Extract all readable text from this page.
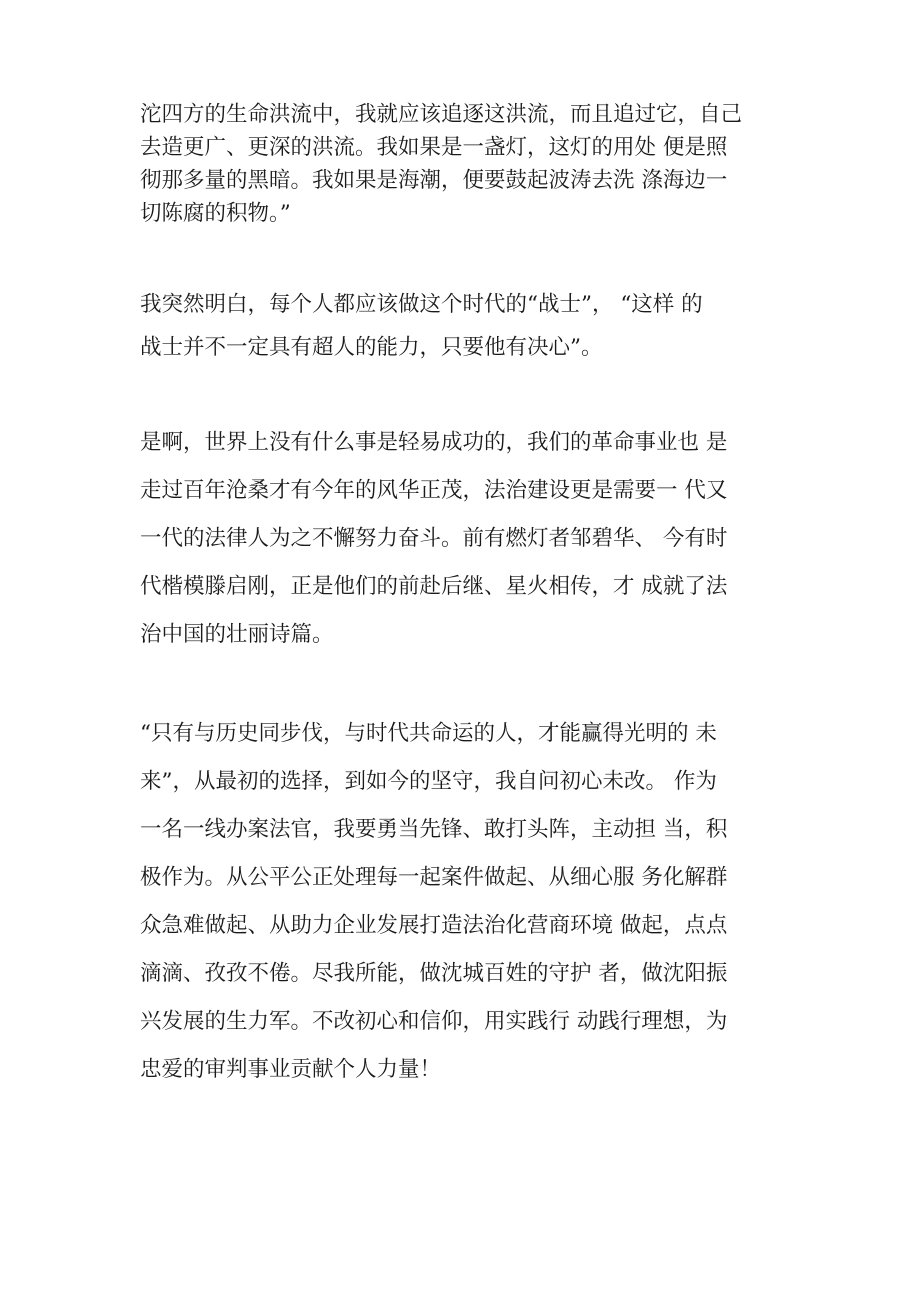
沱四方的生命洪流中，我就应该追逐这洪流，而且追过它，自己
去造更广、更深的洪流。我如果是一盏灯，这灯的用处 便是照
彻那多量的黑暗。我如果是海潮，便要鼓起波涛去洗 涤海边一
切陈腐的积物。”
我突然明白，每个人都应该做这个时代的“战士”， “这样 的
战士并不一定具有超人的能力，只要他有决心”。
是啊，世界上没有什么事是轻易成功的，我们的革命事业也 是
走过百年沧桑才有今年的风华正茂，法治建设更是需要一 代又
一代的法律人为之不懈努力奋斗。前有燃灯者邹碧华、 今有时
代楷模滕启刚，正是他们的前赴后继、星火相传，才 成就了法
治中国的壮丽诗篇。
“只有与历史同步伐，与时代共命运的人，才能赢得光明的 未
来”，从最初的选择，到如今的坚守，我自问初心未改。 作为
一名一线办案法官，我要勇当先锋、敢打头阵，主动担 当，积
极作为。从公平公正处理每一起案件做起、从细心服 务化解群
众急难做起、从助力企业发展打造法治化营商环境 做起，点点
滴滴、孜孜不倦。尽我所能，做沈城百姓的守护 者，做沈阳振
兴发展的生力军。不改初心和信仰，用实践行 动践行理想，为
忠爱的审判事业贡献个人力量！
